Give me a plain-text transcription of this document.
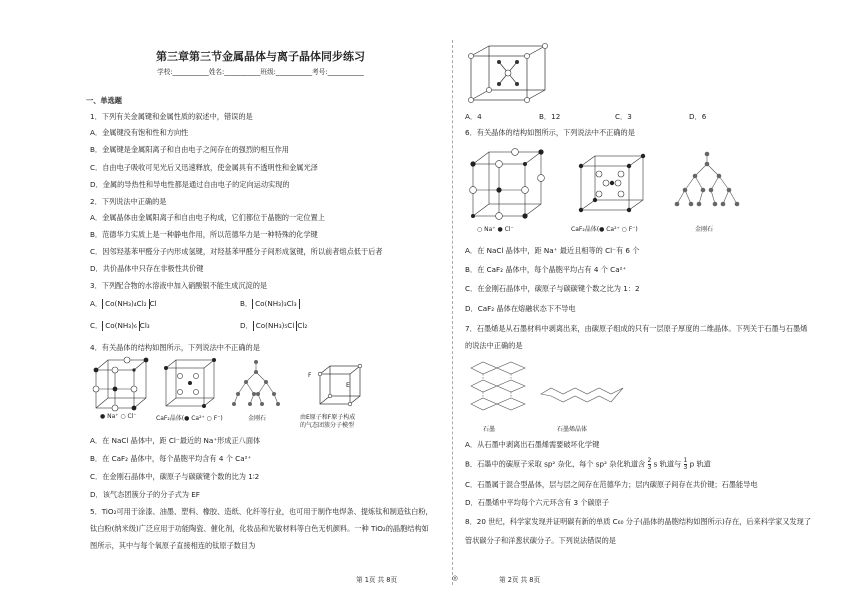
第三章第三节金属晶体与离子晶体同步练习
学校:___________姓名:___________班级:___________考号:___________
一、单选题
1．下列有关金属键和金属性质的叙述中，错误的是
A．金属键没有饱和性和方向性
B．金属键是金属阳离子和自由电子之间存在的强烈的相互作用
C．自由电子吸收可见光后又迅速释放，使金属具有不透明性和金属光泽
D．金属的导热性和导电性都是通过自由电子的定向运动实现的
2．下列说法中正确的是
A．金属晶体由金属阳离子和自由电子构成，它们都位于晶胞的一定位置上
B．范德华力实质上是一种静电作用，所以范德华力是一种特殊的化学键
C．因邻羟基苯甲醛分子内形成氢键，对羟基苯甲醛分子间形成氢键，所以前者熔点低于后者
D．共价晶体中只存在非极性共价键
3．下列配合物的水溶液中加入硝酸银不能生成沉淀的是
A． Co(NH₃)₄Cl₂ Cl	B． Co(NH₃)₃Cl₃
C． Co(NH₃)₆ Cl₃	D． Co(NH₃)₅Cl Cl₂
4．有关晶体的结构如图所示，下列说法中不正确的是
● Na⁺ ○ Cl⁻	CaF₂晶体(● Ca²⁺ ○ F⁻)	金刚石
F
E
由E原子和F原子构成
的气态团簇分子模型
A．在 NaCl 晶体中，距 Cl⁻最近的 Na⁺形成正八面体
B．在 CaF₂ 晶体中，每个晶胞平均含有 4 个 Ca²⁺
C．在金刚石晶体中，碳原子与碳碳键个数的比为 1∶2
D．该气态团簇分子的分子式为 EF
5．TiO₂可用于涂漆、油墨、塑料、橡胶、造纸、化纤等行业，也可用于制作电焊条、提炼钛和制造钛白粉，
钛白粉(纳米级)广泛应用于功能陶瓷、催化剂，化妆品和光敏材料等白色无机颜料。一种 TiO₂的晶胞结构如
图所示，其中与每个氧原子直接相连的钛原子数目为
第 1页 共 8页	◎
A．4	B．12	C．3	D．6
6．有关晶体的结构如图所示，下列说法中不正确的是
○ Na⁺ ● Cl⁻	CaF₂晶体(● Ca²⁺ ○ F⁻)	金刚石
A．在 NaCl 晶体中，距 Na⁺ 最近且相等的 Cl⁻有 6 个
B．在 CaF₂ 晶体中，每个晶胞平均占有 4 个 Ca²⁺
C．在金刚石晶体中，碳原子与碳碳键个数之比为 1：2
D．CaF₂ 晶体在熔融状态下不导电
7．石墨烯是从石墨材料中剥离出来，由碳原子组成的只有一层原子厚度的二维晶体。下列关于石墨与石墨烯
的说法中正确的是
石墨	石墨烯晶体
A．从石墨中剥离出石墨烯需要破坏化学键
B．石墨中的碳原子采取 sp² 杂化，每个 sp² 杂化轨道含 $\frac{2}{3}$ s 轨道与 $\frac{1}{3}$ p 轨道
C．石墨属于混合型晶体，层与层之间存在范德华力；层内碳原子间存在共价键；石墨能导电
D．石墨烯中平均每个六元环含有 3 个碳原子
8．20 世纪，科学家发现并证明碳有新的单质 C₆₀ 分子(晶体的晶胞结构如图所示)存在，后来科学家又发现了
管状碳分子和洋葱状碳分子。下列说法错误的是
第 2页 共 8页
